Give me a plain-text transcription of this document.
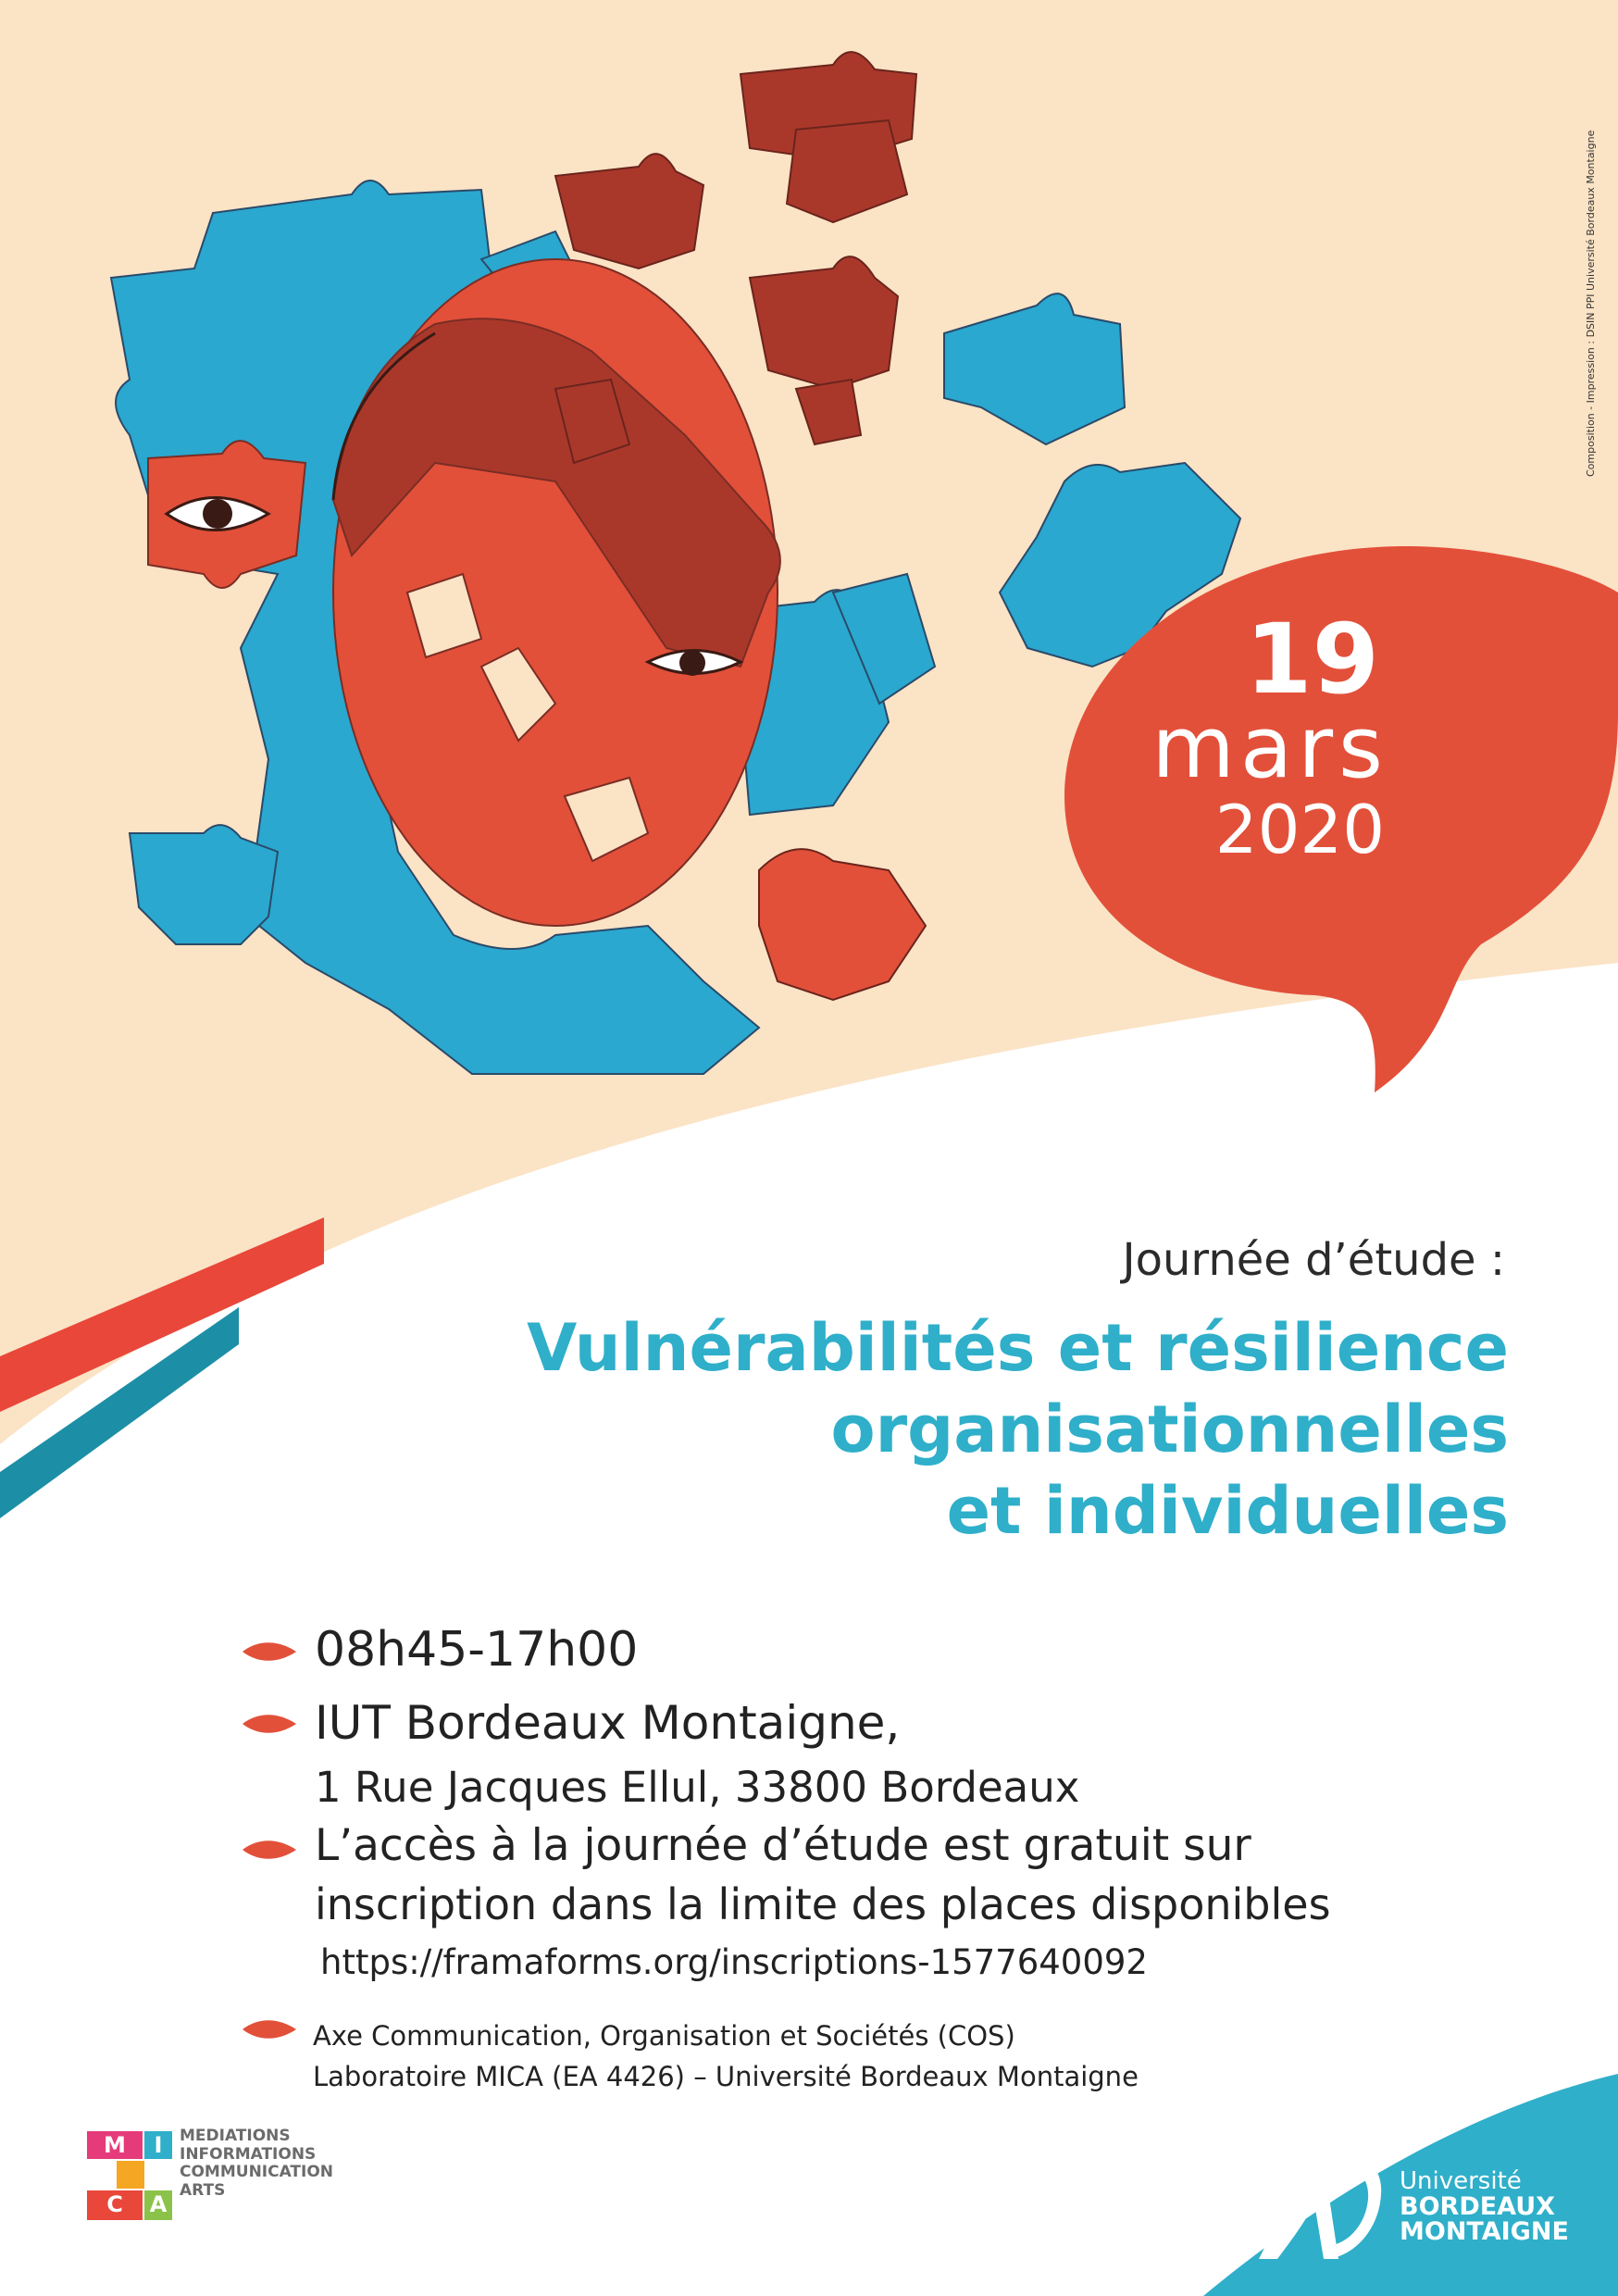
19
mars
2020
Composition - Impression : DSIN PPI Université Bordeaux Montaigne
Journée d’étude :
Vulnérabilités et résilience
organisationnelles
et individuelles
08h45-17h00
IUT Bordeaux Montaigne,
1 Rue Jacques Ellul, 33800 Bordeaux
L’accès à la journée d’étude est gratuit sur
inscription dans la limite des places disponibles
https://framaforms.org/inscriptions-1577640092
Axe Communication, Organisation et Sociétés (COS)
Laboratoire MICA (EA 4426) – Université Bordeaux Montaigne
M	I
C	A
MEDIATIONS
INFORMATIONS
COMMUNICATION
ARTS	Université
BORDEAUX
MONTAIGNE
